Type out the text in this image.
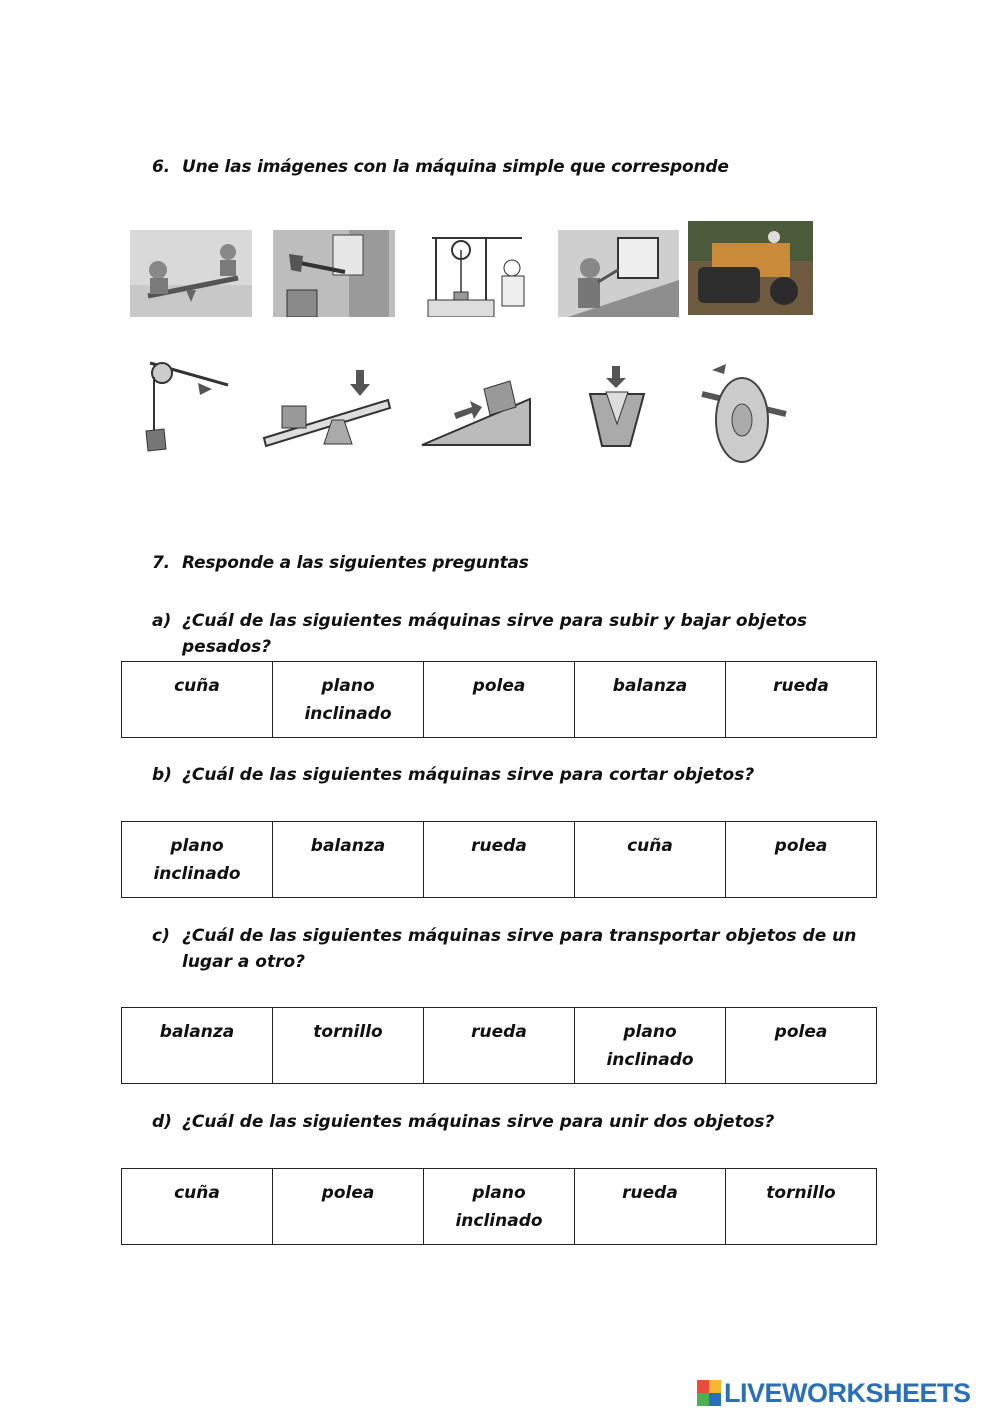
6. Une las imágenes con la máquina simple que corresponde
7. Responde a las siguientes preguntas
a) ¿Cuál de las siguientes máquinas sirve para subir y bajar objetos pesados?
cuña	plano inclinado	polea	balanza	rueda
b) ¿Cuál de las siguientes máquinas sirve para cortar objetos?
plano inclinado	balanza	rueda	cuña	polea
c) ¿Cuál de las siguientes máquinas sirve para transportar objetos de un lugar a otro?
balanza	tornillo	rueda	plano inclinado	polea
d) ¿Cuál de las siguientes máquinas sirve para unir dos objetos?
cuña	polea	plano inclinado	rueda	tornillo
LIVEWORKSHEETS
